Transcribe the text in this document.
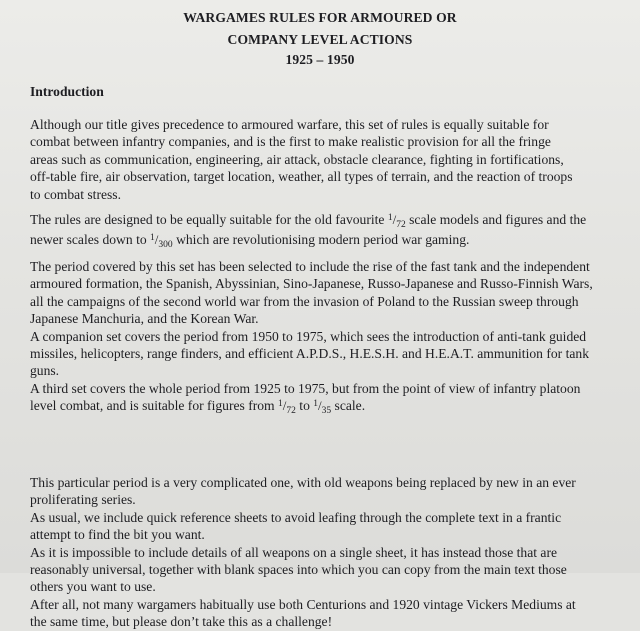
WARGAMES RULES FOR ARMOURED OR
COMPANY LEVEL ACTIONS
1925 – 1950
Introduction

Although our title gives precedence to armoured warfare, this set of rules is equally suitable for

combat between infantry companies, and is the first to make realistic provision for all the fringe

areas such as communication, engineering, air attack, obstacle clearance, fighting in fortifications,

off-table fire, air observation, target location, weather, all types of terrain, and the reaction of troops

to combat stress.

The rules are designed to be equally suitable for the old favourite 1/72 scale models and figures and the

newer scales down to 1/300 which are revolutionising modern period war gaming.

The period covered by this set has been selected to include the rise of the fast tank and the independent

armoured formation, the Spanish, Abyssinian, Sino-Japanese, Russo-Japanese and Russo-Finnish Wars,

all the campaigns of the second world war from the invasion of Poland to the Russian sweep through

Japanese Manchuria, and the Korean War.

A companion set covers the period from 1950 to 1975, which sees the introduction of anti-tank guided

missiles, helicopters, range finders, and efficient A.P.D.S., H.E.S.H. and H.E.A.T. ammunition for tank

guns.

A third set covers the whole period from 1925 to 1975, but from the point of view of infantry platoon

level combat, and is suitable for figures from 1/72 to 1/35 scale.

This particular period is a very complicated one, with old weapons being replaced by new in an ever

proliferating series.

As usual, we include quick reference sheets to avoid leafing through the complete text in a frantic

attempt to find the bit you want.

As it is impossible to include details of all weapons on a single sheet, it has instead those that are

reasonably universal, together with blank spaces into which you can copy from the main text those

others you want to use.

After all, not many wargamers habitually use both Centurions and 1920 vintage Vickers Mediums at

the same time, but please don’t take this as a challenge!
